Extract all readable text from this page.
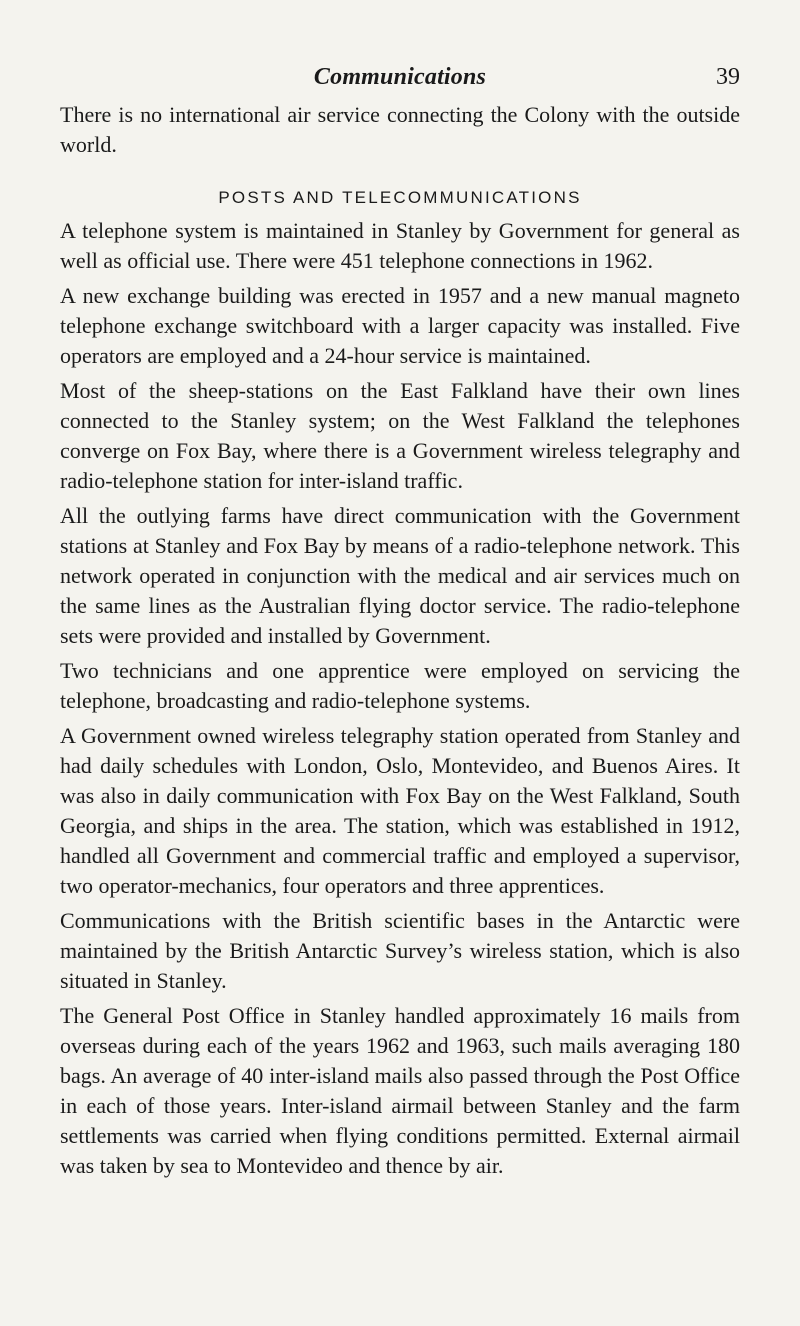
Communications	39

There is no international air service connecting the Colony with the outside world.

POSTS AND TELECOMMUNICATIONS

A telephone system is maintained in Stanley by Government for general as well as official use. There were 451 telephone connections in 1962.

A new exchange building was erected in 1957 and a new manual magneto telephone exchange switchboard with a larger capacity was installed. Five operators are employed and a 24-hour service is maintained.

Most of the sheep-stations on the East Falkland have their own lines connected to the Stanley system; on the West Falkland the telephones converge on Fox Bay, where there is a Government wireless telegraphy and radio-telephone station for inter-island traffic.

All the outlying farms have direct communication with the Government stations at Stanley and Fox Bay by means of a radio-telephone network. This network operated in conjunction with the medical and air services much on the same lines as the Australian flying doctor service. The radio-telephone sets were provided and installed by Government.

Two technicians and one apprentice were employed on servicing the telephone, broadcasting and radio-telephone systems.

A Government owned wireless telegraphy station operated from Stanley and had daily schedules with London, Oslo, Montevideo, and Buenos Aires. It was also in daily communication with Fox Bay on the West Falkland, South Georgia, and ships in the area. The station, which was established in 1912, handled all Government and commercial traffic and employed a supervisor, two operator-mechanics, four operators and three apprentices.

Communications with the British scientific bases in the Antarctic were maintained by the British Antarctic Survey’s wireless station, which is also situated in Stanley.

The General Post Office in Stanley handled approximately 16 mails from overseas during each of the years 1962 and 1963, such mails averaging 180 bags. An average of 40 inter-island mails also passed through the Post Office in each of those years. Inter-island airmail between Stanley and the farm settlements was carried when flying conditions permitted. External airmail was taken by sea to Montevideo and thence by air.
